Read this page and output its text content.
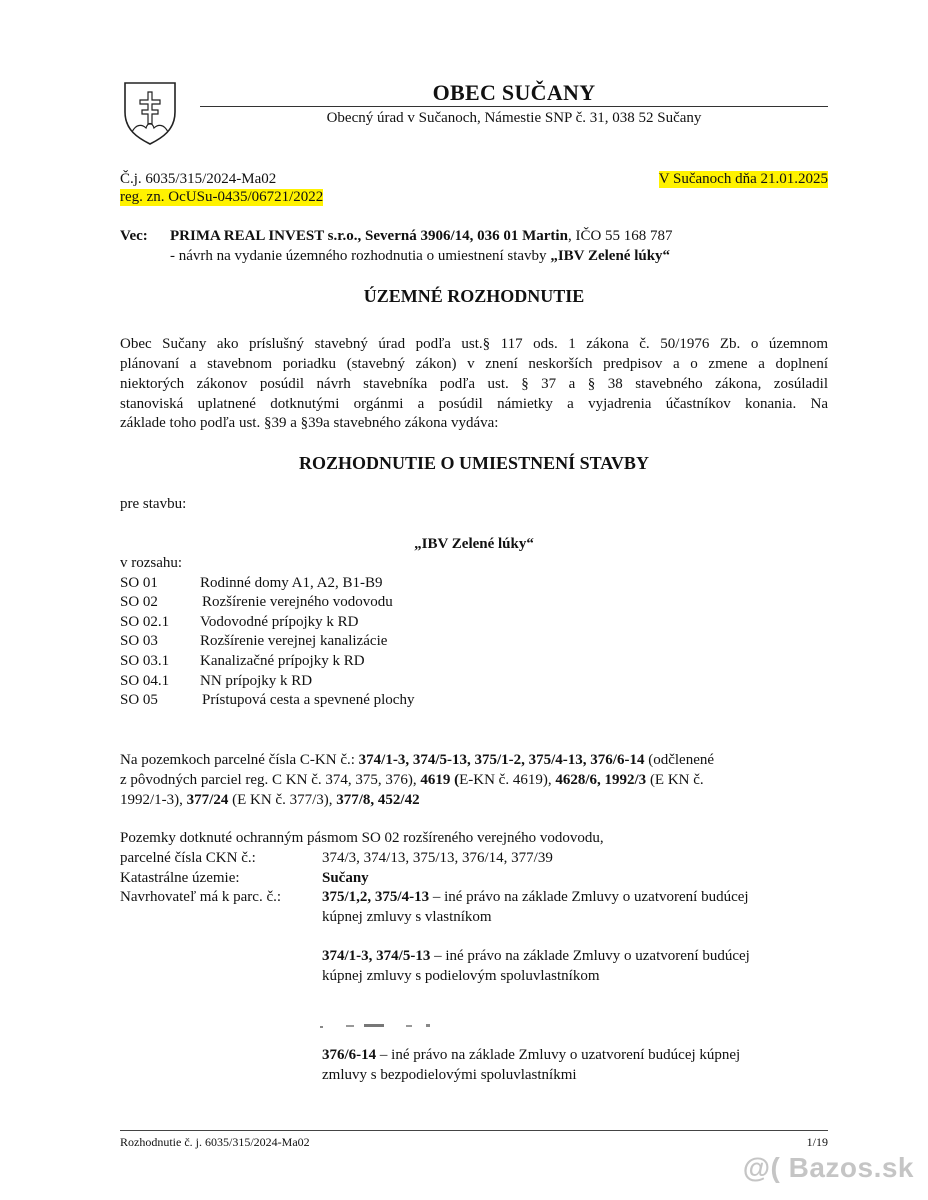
OBEC SUČANY
Obecný úrad v Sučanoch, Námestie SNP č. 31, 038 52 Sučany
Č.j. 6035/315/2024-Ma02	V Sučanoch dňa 21.01.2025
reg. zn. OcUSu-0435/06721/2022
Vec: PRIMA REAL INVEST s.r.o., Severná 3906/14, 036 01 Martin, IČO 55 168 787
- návrh na vydanie územného rozhodnutia o umiestnení stavby „IBV Zelené lúky“
ÚZEMNÉ ROZHODNUTIE
Obec Sučany ako príslušný stavebný úrad podľa ust.§ 117 ods. 1 zákona č. 50/1976 Zb. o územnom
plánovaní a stavebnom poriadku (stavebný zákon) v znení neskorších predpisov a o zmene a doplnení
niektorých zákonov posúdil návrh stavebníka podľa ust. § 37 a § 38 stavebného zákona, zosúladil
stanoviská uplatnené dotknutými orgánmi a posúdil námietky a vyjadrenia účastníkov konania. Na
základe toho podľa ust. §39 a §39a stavebného zákona vydáva:
ROZHODNUTIE O UMIESTNENÍ STAVBY
pre stavbu:
„IBV Zelené lúky“
v rozsahu:
SO 01	Rodinné domy A1, A2, B1-B9
SO 02	Rozšírenie verejného vodovodu
SO 02.1 Vodovodné prípojky k RD
SO 03	Rozšírenie verejnej kanalizácie
SO 03.1 Kanalizačné prípojky k RD
SO 04.1 NN prípojky k RD
SO 05	Prístupová cesta a spevnené plochy
Na pozemkoch parcelné čísla C-KN č.: 374/1-3, 374/5-13, 375/1-2, 375/4-13, 376/6-14 (odčlenené
z pôvodných parciel reg. C KN č. 374, 375, 376), 4619 (E-KN č. 4619), 4628/6, 1992/3 (E KN č.
1992/1-3), 377/24 (E KN č. 377/3), 377/8, 452/42
Pozemky dotknuté ochranným pásmom SO 02 rozšíreného verejného vodovodu,
parcelné čísla CKN č.:	374/3, 374/13, 375/13, 376/14, 377/39
Katastrálne územie:	Sučany
Navrhovateľ má k parc. č.:	375/1,2, 375/4-13 – iné právo na základe Zmluvy o uzatvorení budúcej
kúpnej zmluvy s vlastníkom
374/1-3, 374/5-13 – iné právo na základe Zmluvy o uzatvorení budúcej
kúpnej zmluvy s podielovým spoluvlastníkom
376/6-14 – iné právo na základe Zmluvy o uzatvorení budúcej kúpnej
zmluvy s bezpodielovými spoluvlastníkmi
Rozhodnutie č. j. 6035/315/2024-Ma02	1/19
@( Bazos.sk
